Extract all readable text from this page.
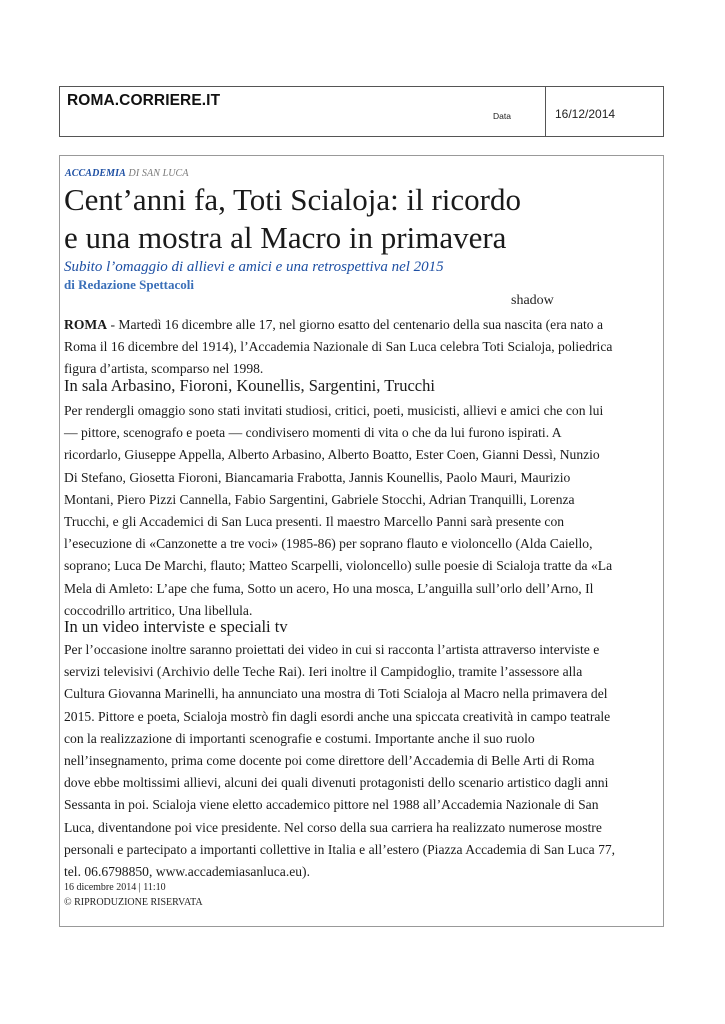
ROMA.CORRIERE.IT
Data	16/12/2014
ACCADEMIA DI SAN LUCA
Cent’anni fa, Toti Scialoja: il ricordo
e una mostra al Macro in primavera
Subito l’omaggio di allievi e amici e una retrospettiva nel 2015
di Redazione Spettacoli
shadow
ROMA - Martedì 16 dicembre alle 17, nel giorno esatto del centenario della sua nascita (era nato a
Roma il 16 dicembre del 1914), l’Accademia Nazionale di San Luca celebra Toti Scialoja, poliedrica
figura d’artista, scomparso nel 1998.
In sala Arbasino, Fioroni, Kounellis, Sargentini, Trucchi
Per rendergli omaggio sono stati invitati studiosi, critici, poeti, musicisti, allievi e amici che con lui
— pittore, scenografo e poeta — condivisero momenti di vita o che da lui furono ispirati. A
ricordarlo, Giuseppe Appella, Alberto Arbasino, Alberto Boatto, Ester Coen, Gianni Dessì, Nunzio
Di Stefano, Giosetta Fioroni, Biancamaria Frabotta, Jannis Kounellis, Paolo Mauri, Maurizio
Montani, Piero Pizzi Cannella, Fabio Sargentini, Gabriele Stocchi, Adrian Tranquilli, Lorenza
Trucchi, e gli Accademici di San Luca presenti. Il maestro Marcello Panni sarà presente con
l’esecuzione di «Canzonette a tre voci» (1985-86) per soprano flauto e violoncello (Alda Caiello,
soprano; Luca De Marchi, flauto; Matteo Scarpelli, violoncello) sulle poesie di Scialoja tratte da «La
Mela di Amleto: L’ape che fuma, Sotto un acero, Ho una mosca, L’anguilla sull’orlo dell’Arno, Il
coccodrillo artritico, Una libellula.
In un video interviste e speciali tv
Per l’occasione inoltre saranno proiettati dei video in cui si racconta l’artista attraverso interviste e
servizi televisivi (Archivio delle Teche Rai). Ieri inoltre il Campidoglio, tramite l’assessore alla
Cultura Giovanna Marinelli, ha annunciato una mostra di Toti Scialoja al Macro nella primavera del
2015. Pittore e poeta, Scialoja mostrò fin dagli esordi anche una spiccata creatività in campo teatrale
con la realizzazione di importanti scenografie e costumi. Importante anche il suo ruolo
nell’insegnamento, prima come docente poi come direttore dell’Accademia di Belle Arti di Roma
dove ebbe moltissimi allievi, alcuni dei quali divenuti protagonisti dello scenario artistico dagli anni
Sessanta in poi. Scialoja viene eletto accademico pittore nel 1988 all’Accademia Nazionale di San
Luca, diventandone poi vice presidente. Nel corso della sua carriera ha realizzato numerose mostre
personali e partecipato a importanti collettive in Italia e all’estero (Piazza Accademia di San Luca 77,
tel. 06.6798850, www.accademiasanluca.eu).
16 dicembre 2014 | 11:10
© RIPRODUZIONE RISERVATA
